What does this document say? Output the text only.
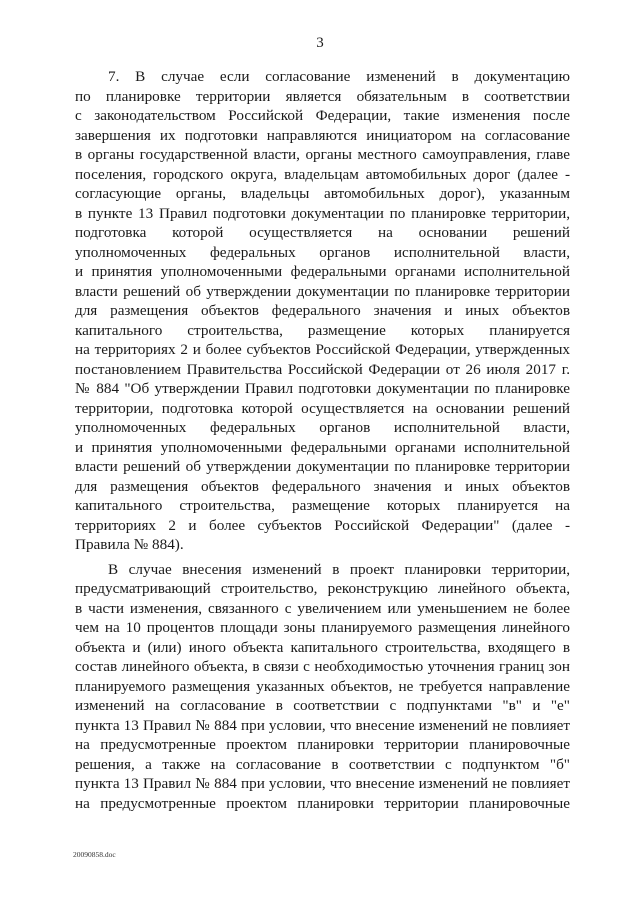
3
7. В случае если согласование изменений в документацию
по планировке территории является обязательным в соответствии
с законодательством Российской Федерации, такие изменения после
завершения их подготовки направляются инициатором на согласование
в органы государственной власти, органы местного самоуправления, главе
поселения, городского округа, владельцам автомобильных дорог (далее -
согласующие органы, владельцы автомобильных дорог), указанным
в пункте 13 Правил подготовки документации по планировке территории,
подготовка которой осуществляется на основании решений
уполномоченных федеральных органов исполнительной власти,
и принятия уполномоченными федеральными органами исполнительной
власти решений об утверждении документации по планировке территории
для размещения объектов федерального значения и иных объектов
капитального строительства, размещение которых планируется
на территориях 2 и более субъектов Российской Федерации, утвержденных
постановлением Правительства Российской Федерации от 26 июля 2017 г.
№ 884 "Об утверждении Правил подготовки документации по планировке
территории, подготовка которой осуществляется на основании решений
уполномоченных федеральных органов исполнительной власти,
и принятия уполномоченными федеральными органами исполнительной
власти решений об утверждении документации по планировке территории
для размещения объектов федерального значения и иных объектов
капитального строительства, размещение которых планируется на
территориях 2 и более субъектов Российской Федерации" (далее -
Правила № 884).
В случае внесения изменений в проект планировки территории,
предусматривающий строительство, реконструкцию линейного объекта,
в части изменения, связанного с увеличением или уменьшением не более
чем на 10 процентов площади зоны планируемого размещения линейного
объекта и (или) иного объекта капитального строительства, входящего в
состав линейного объекта, в связи с необходимостью уточнения границ зон
планируемого размещения указанных объектов, не требуется направление
изменений на согласование в соответствии с подпунктами "в" и "е"
пункта 13 Правил № 884 при условии, что внесение изменений не повлияет
на предусмотренные проектом планировки территории планировочные
решения, а также на согласование в соответствии с подпунктом "б"
пункта 13 Правил № 884 при условии, что внесение изменений не повлияет
на предусмотренные проектом планировки территории планировочные
20090858.doc
